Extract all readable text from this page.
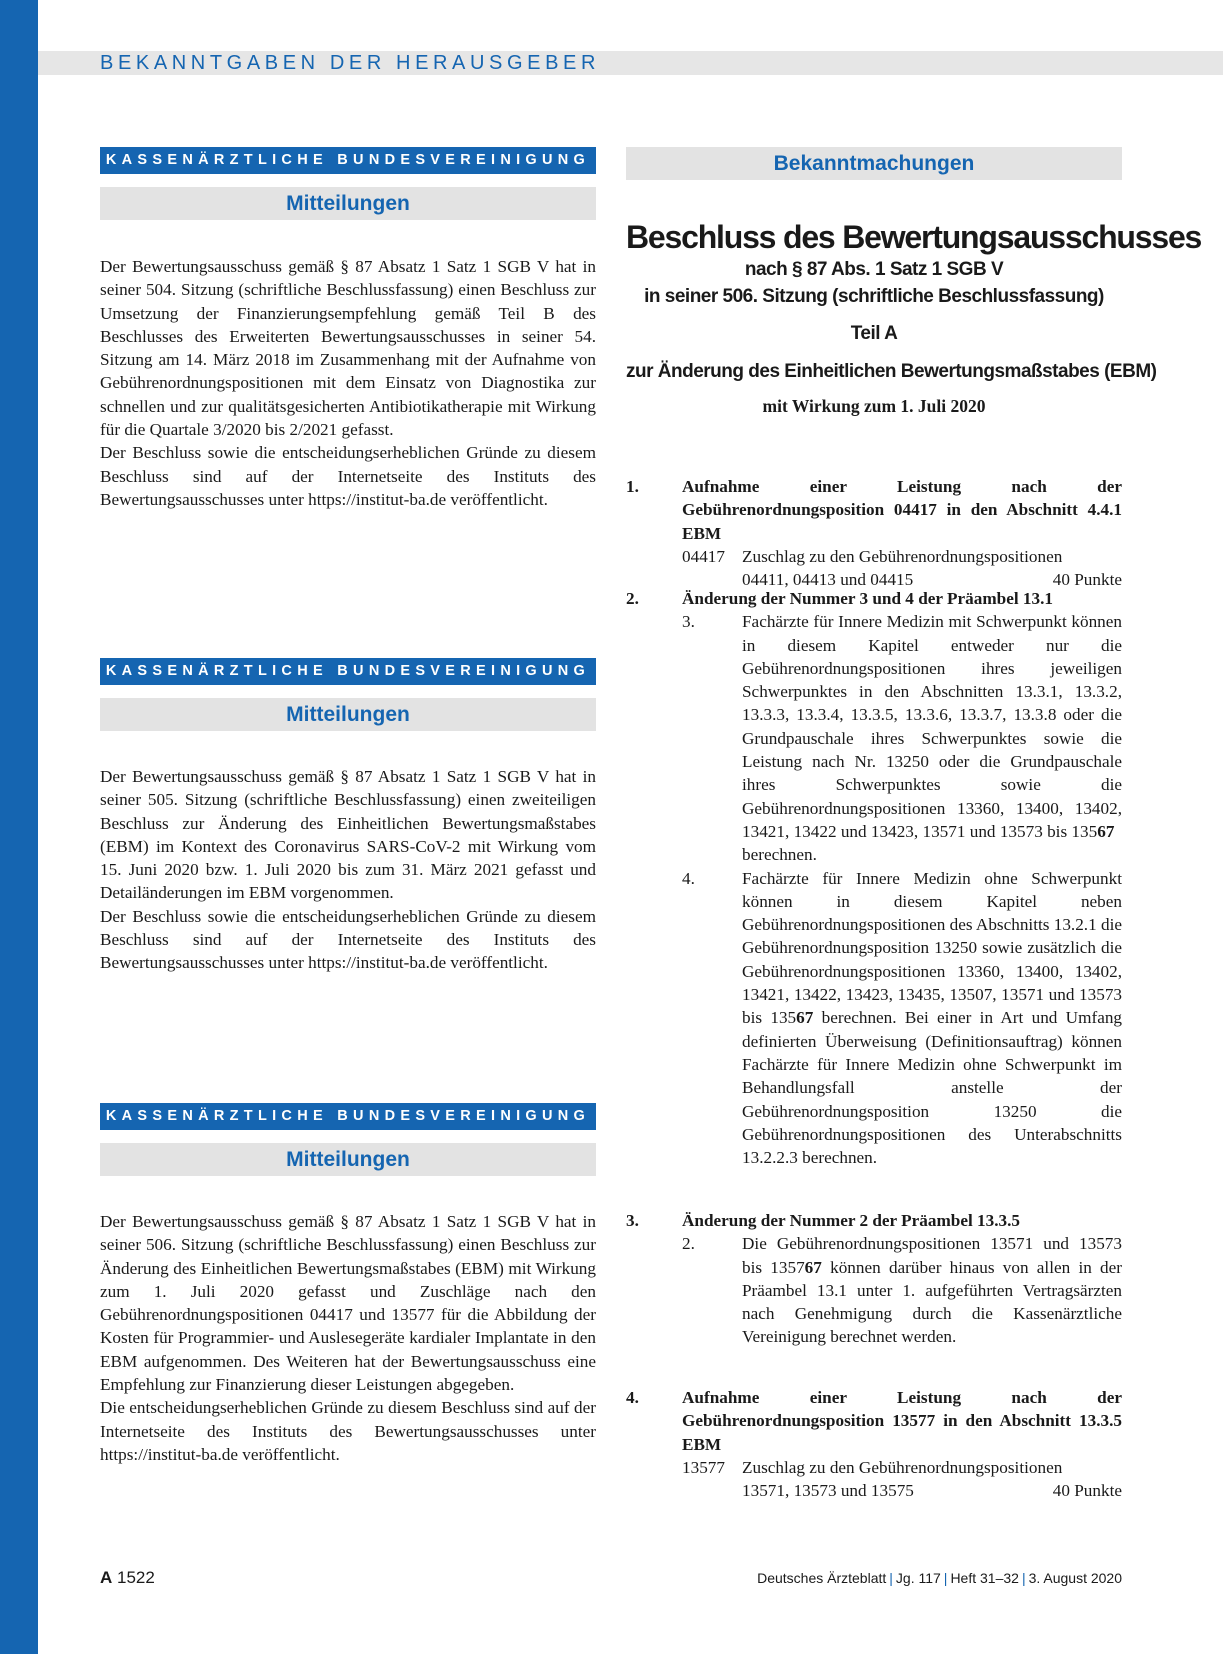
BEKANNTGABEN DER HERAUSGEBER
KASSENÄRZTLICHE BUNDESVEREINIGUNG
Mitteilungen

Der Bewertungsausschuss gemäß § 87 Absatz 1 Satz 1 SGB V hat in seiner 504. Sitzung (schriftliche Beschlussfassung) einen Beschluss zur Umsetzung der Finanzierungsempfehlung gemäß Teil B des Beschlusses des Erweiterten Bewertungsausschusses in seiner 54. Sitzung am 14. März 2018 im Zusammenhang mit der Aufnahme von Gebührenordnungspositionen mit dem Einsatz von Diagnostika zur schnellen und zur qualitätsgesicherten Antibiotikatherapie mit Wirkung für die Quartale 3/2020 bis 2/2021 gefasst.

Der Beschluss sowie die entscheidungserheblichen Gründe zu diesem Beschluss sind auf der Internetseite des Instituts des Bewertungsausschusses unter https://institut-ba.de veröffentlicht.

KASSENÄRZTLICHE BUNDESVEREINIGUNG
Mitteilungen

Der Bewertungsausschuss gemäß § 87 Absatz 1 Satz 1 SGB V hat in seiner 505. Sitzung (schriftliche Beschlussfassung) einen zweiteiligen Beschluss zur Änderung des Einheitlichen Bewertungsmaßstabes (EBM) im Kontext des Coronavirus SARS-CoV-2 mit Wirkung vom 15. Juni 2020 bzw. 1. Juli 2020 bis zum 31. März 2021 gefasst und Detailänderungen im EBM vorgenommen.

Der Beschluss sowie die entscheidungserheblichen Gründe zu diesem Beschluss sind auf der Internetseite des Instituts des Bewertungsausschusses unter https://institut-ba.de veröffentlicht.

KASSENÄRZTLICHE BUNDESVEREINIGUNG
Mitteilungen

Der Bewertungsausschuss gemäß § 87 Absatz 1 Satz 1 SGB V hat in seiner 506. Sitzung (schriftliche Beschlussfassung) einen Beschluss zur Änderung des Einheitlichen Bewertungsmaßstabes (EBM) mit Wirkung zum 1. Juli 2020 gefasst und Zuschläge nach den Gebührenordnungspositionen 04417 und 13577 für die Abbildung der Kosten für Programmier- und Auslesegeräte kardialer Implantate in den EBM aufgenommen. Des Weiteren hat der Bewertungsausschuss eine Empfehlung zur Finanzierung dieser Leistungen abgegeben.

Die entscheidungserheblichen Gründe zu diesem Beschluss sind auf der Internetseite des Instituts des Bewertungsausschusses unter https://institut-ba.de veröffentlicht.

Bekanntmachungen
Beschluss des Bewertungsausschusses
nach § 87 Abs. 1 Satz 1 SGB V
in seiner 506. Sitzung (schriftliche Beschlussfassung)
Teil A
zur Änderung des Einheitlichen Bewertungsmaßstabes (EBM)
mit Wirkung zum 1. Juli 2020
1.	Aufnahme einer Leistung nach der Gebührenordnungsposition 04417 in den Abschnitt 4.4.1 EBM
04417 Zuschlag zu den Gebührenordnungspositionen
04411, 04413 und 04415	40 Punkte
2.	Änderung der Nummer 3 und 4 der Präambel 13.1
3.	Fachärzte für Innere Medizin mit Schwerpunkt können in diesem Kapitel entweder nur die Gebührenordnungspositionen ihres jeweiligen Schwerpunktes in den Abschnitten 13.3.1, 13.3.2, 13.3.3, 13.3.4, 13.3.5, 13.3.6, 13.3.7, 13.3.8 oder die Grundpauschale ihres Schwerpunktes sowie die Leistung nach Nr. 13250 oder die Grundpauschale ihres Schwerpunktes sowie die Gebührenordnungspositionen 13360, 13400, 13402, 13421, 13422 und 13423, 13571 und 13573 bis 13567
berechnen.
4.	Fachärzte für Innere Medizin ohne Schwerpunkt können in diesem Kapitel neben Gebührenordnungspositionen des Abschnitts 13.2.1 die Gebührenordnungsposition 13250 sowie zusätzlich die Gebührenordnungspositionen 13360, 13400, 13402, 13421, 13422, 13423, 13435, 13507, 13571 und 13573 bis 13567 berechnen. Bei einer in Art und Umfang definierten Überweisung (Definitionsauftrag) können Fachärzte für Innere Medizin ohne Schwerpunkt im Behandlungsfall anstelle der Gebührenordnungsposition 13250 die Gebührenordnungspositionen des Unterabschnitts 13.2.2.3 berechnen.
3.	Änderung der Nummer 2 der Präambel 13.3.5
2.	Die Gebührenordnungspositionen 13571 und 13573 bis 135767 können darüber hinaus von allen in der Präambel 13.1 unter 1. aufgeführten Vertragsärzten nach Genehmigung durch die Kassenärztliche Vereinigung berechnet werden.
4.	Aufnahme einer Leistung nach der Gebührenordnungsposition 13577 in den Abschnitt 13.3.5 EBM
13577 Zuschlag zu den Gebührenordnungspositionen
13571, 13573 und 13575	40 Punkte
A 1522	Deutsches Ärzteblatt | Jg. 117 | Heft 31–32 | 3. August 2020
